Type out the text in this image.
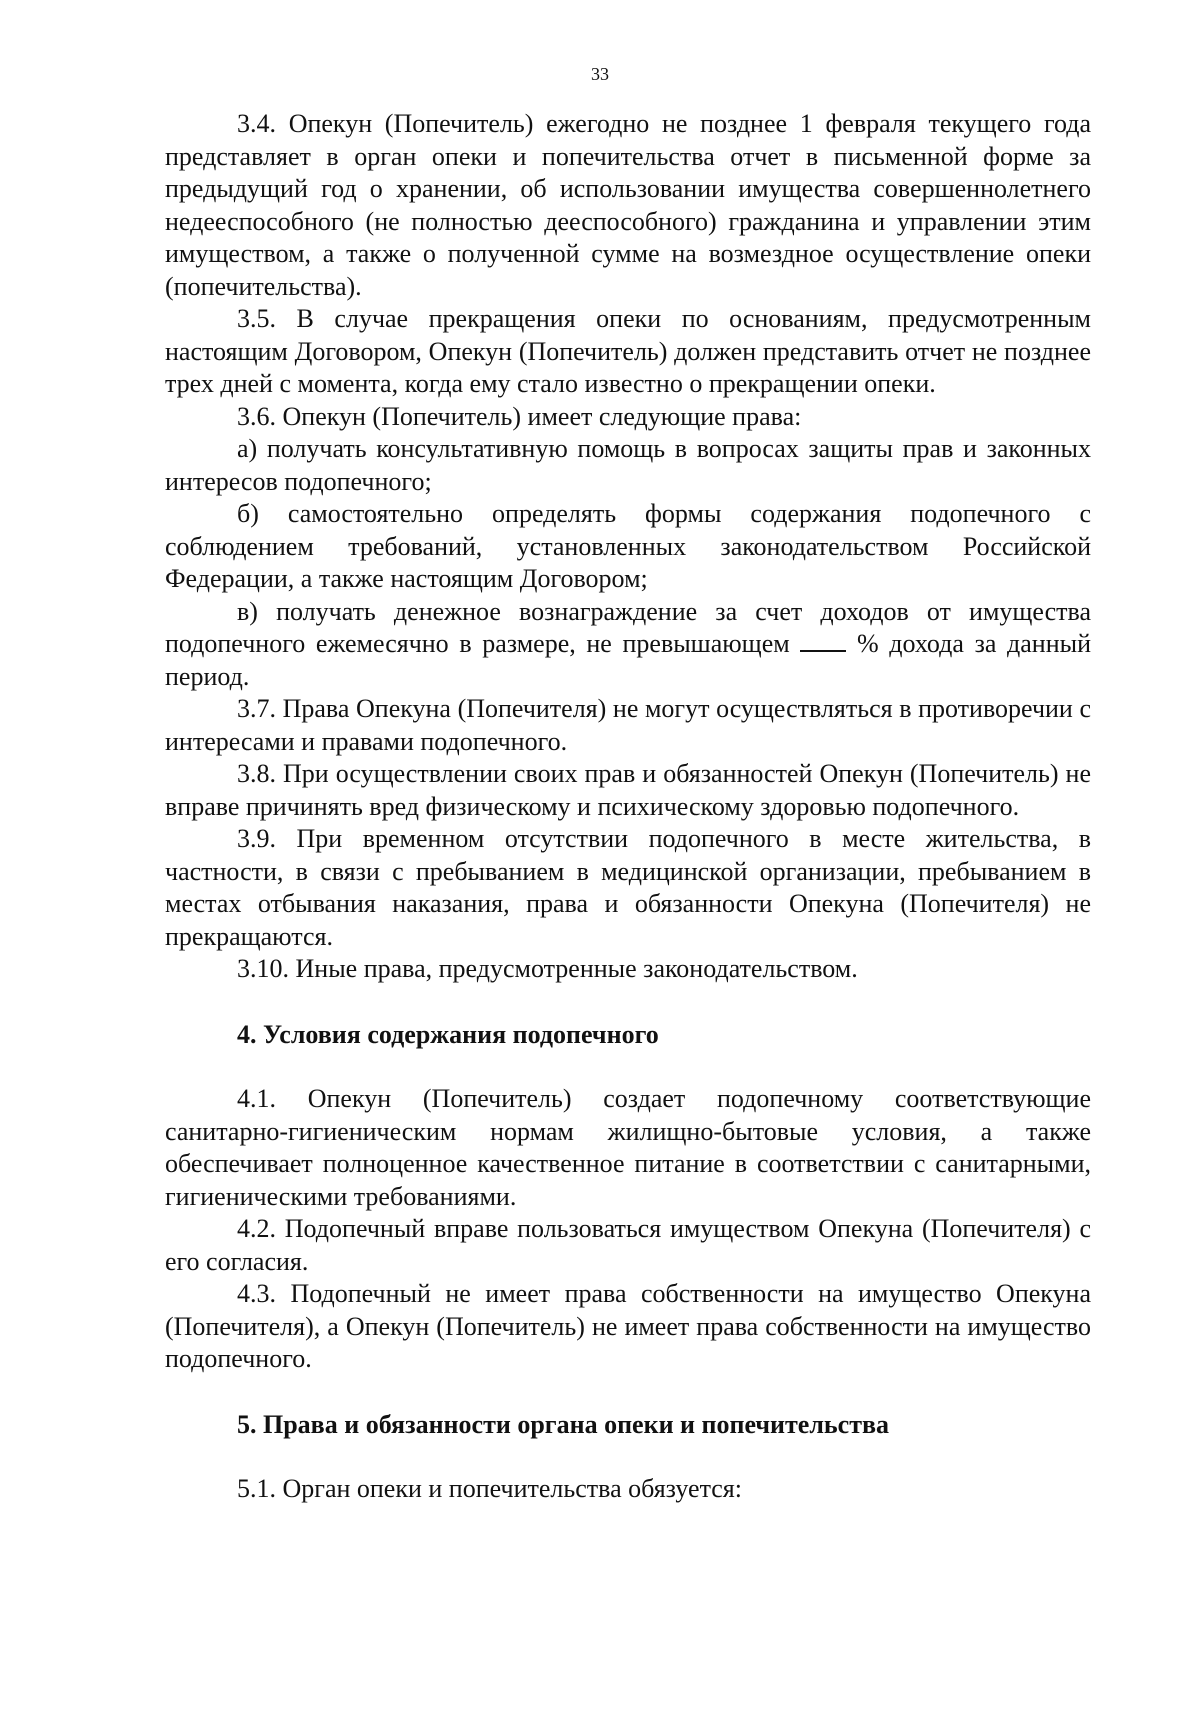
33

3.4. Опекун (Попечитель) ежегодно не позднее 1 февраля текущего года представляет в орган опеки и попечительства отчет в письменной форме за предыдущий год о хранении, об использовании имущества совершеннолетнего недееспособного (не полностью дееспособного) гражданина и управлении этим имуществом, а также о полученной сумме на возмездное осуществление опеки (попечительства).

3.5. В случае прекращения опеки по основаниям, предусмотренным настоящим Договором, Опекун (Попечитель) должен представить отчет не позднее трех дней с момента, когда ему стало известно о прекращении опеки.

3.6. Опекун (Попечитель) имеет следующие права:

а) получать консультативную помощь в вопросах защиты прав и законных интересов подопечного;

б) самостоятельно определять формы содержания подопечного с соблюдением требований, установленных законодательством Российской Федерации, а также настоящим Договором;

в) получать денежное вознаграждение за счет доходов от имущества подопечного ежемесячно в размере, не превышающем	% дохода за данный период.

3.7. Права Опекуна (Попечителя) не могут осуществляться в противоречии с интересами и правами подопечного.

3.8. При осуществлении своих прав и обязанностей Опекун (Попечитель) не вправе причинять вред физическому и психическому здоровью подопечного.

3.9. При временном отсутствии подопечного в месте жительства, в частности, в связи с пребыванием в медицинской организации, пребыванием в местах отбывания наказания, права и обязанности Опекуна (Попечителя) не прекращаются.

3.10. Иные права, предусмотренные законодательством.

4. Условия содержания подопечного

4.1. Опекун (Попечитель) создает подопечному соответствующие санитарно-гигиеническим нормам жилищно-бытовые условия, а также обеспечивает полноценное качественное питание в соответствии с санитарными, гигиеническими требованиями.

4.2. Подопечный вправе пользоваться имуществом Опекуна (Попечителя) с его согласия.

4.3. Подопечный не имеет права собственности на имущество Опекуна (Попечителя), а Опекун (Попечитель) не имеет права собственности на имущество подопечного.

5. Права и обязанности органа опеки и попечительства

5.1. Орган опеки и попечительства обязуется:
